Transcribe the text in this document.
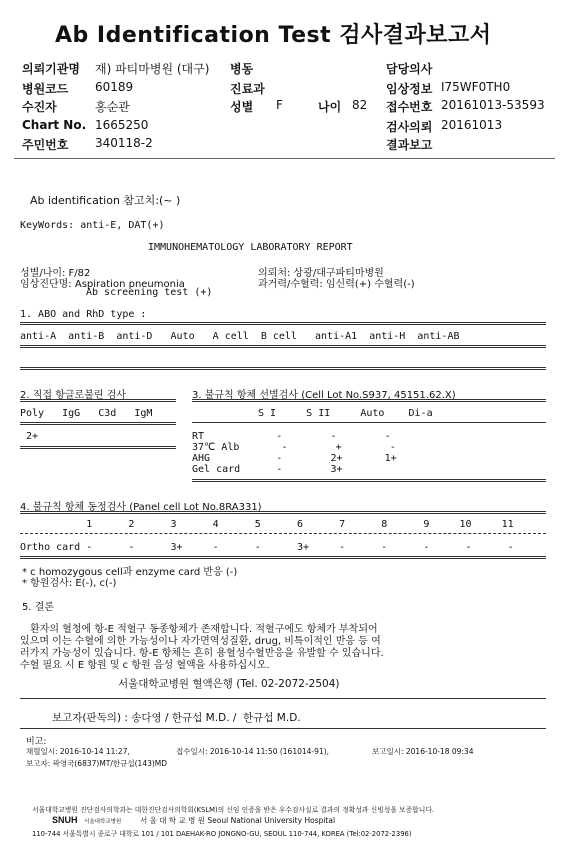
Ab Identification Test 검사결과보고서
의뢰기관명 재) 파티마병원 (대구) 병동	담당의사
병원코드 60189	진료과	임상정보 I75WF0TH0
수진자	홍순관	성별 F	나이 82 접수번호 20161013-53593
Chart No. 1665250	검사의뢰 20161013
주민번호 340118-2	결과보고
Ab identification 참고치:(~ )
KeyWords: anti-E, DAT(+)
IMMUNOHEMATOLOGY LABORATORY REPORT
성별/나이: F/82	의뢰처: 상광/대구파티마병원
임상진단명: Aspiration pneumonia	과거력/수혈력: 임신력(+) 수혈력(-)
Ab screening test (+)
1. ABO and RhD type :
anti-A  anti-B  anti-D   Auto   A cell  B cell   anti-A1  anti-H  anti-AB
2. 직접 항글로불린 검사
Poly   IgG   C3d   IgM
2+
3. 불규칙 항체 선별검사 (Cell Lot No.S937, 45151.62.X)
S I     S II     Auto    Di-a
RT            -        -        -
37℃ Alb       -        +        -
AHG           -        2+       1+
Gel card      -        3+
4. 불규칙 항체 동정검사 (Panel cell Lot No.8RA331)
1      2      3      4      5      6      7      8      9     10     11
Ortho card -      -      3+     -      -      3+     -      -      -      -      -
* c homozygous cell과 enzyme card 반응 (-)
* 항원검사: E(-), c(-)
5. 결론
환자의 혈청에 항-E 적혈구 동종항체가 존재합니다. 적혈구에도 항체가 부착되어
있으며 이는 수혈에 의한 가능성이나 자가면역성질환, drug, 비특이적인 반응 등 여
러가지 가능성이 있습니다. 항-E 항체는 흔히 용혈성수혈반응을 유발할 수 있습니다.
수혈 필요 시 E 항원 및 c 항원 음성 혈액을 사용하십시오.
서울대학교병원 혈액은행 (Tel. 02-2072-2504)
보고자(판독의) : 송다영 / 한규섭 M.D. /  한규섭 M.D.
비고:
채혈일시: 2016-10-14 11:27,	접수일시: 2016-10-14 11:50 (161014-91),	보고일시: 2016-10-18 09:34
보고자: 곽영국(6837)MT/한규섭(143)MD
서울대학교병원 진단검사의학과는 대한진단검사의학회(KSLM)의 신임 인증을 받은 우수검사실로 결과의 정확성과 신빙성을 보증합니다.
SNUH 서울대학교병원	서 울 대 학 교 병 원 Seoul National University Hospital
110-744 서울특별시 종로구 대학로 101 / 101 DAEHAK-RO JONGNO-GU, SEOUL 110-744, KOREA (Tel:02-2072-2396)
